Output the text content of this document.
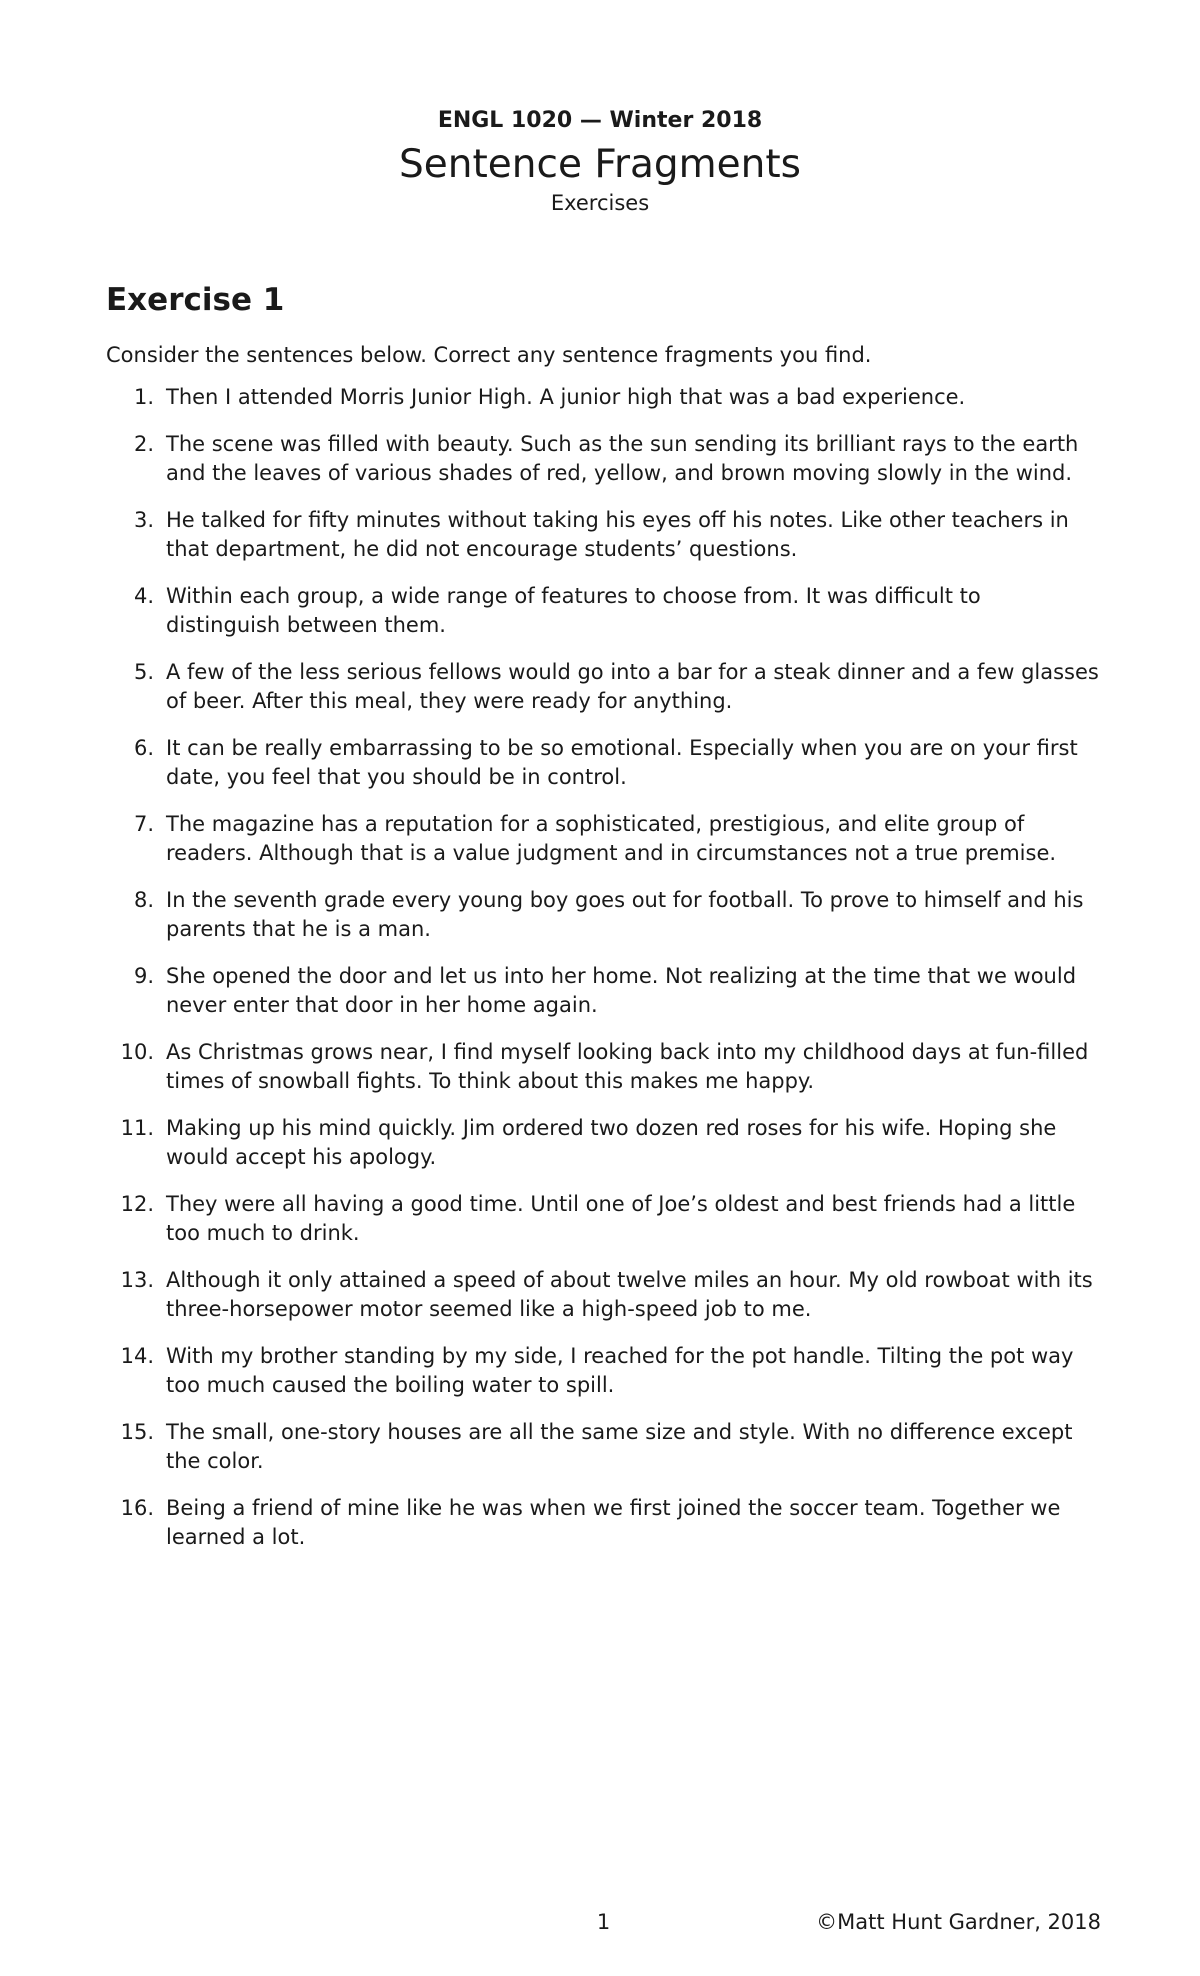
ENGL 1020 — Winter 2018
Sentence Fragments
Exercises
Exercise 1

Consider the sentences below. Correct any sentence fragments you find.

1. Then I attended Morris Junior High. A junior high that was a bad experience.
2. The scene was filled with beauty. Such as the sun sending its brilliant rays to the earth and the leaves of various shades of red, yellow, and brown moving slowly in the wind.
3. He talked for fifty minutes without taking his eyes off his notes. Like other teachers in that department, he did not encourage students’ questions.
4. Within each group, a wide range of features to choose from. It was difficult to distinguish between them.
5. A few of the less serious fellows would go into a bar for a steak dinner and a few glasses of beer. After this meal, they were ready for anything.
6. It can be really embarrassing to be so emotional. Especially when you are on your first date, you feel that you should be in control.
7. The magazine has a reputation for a sophisticated, prestigious, and elite group of readers. Although that is a value judgment and in circumstances not a true premise.
8. In the seventh grade every young boy goes out for football. To prove to himself and his parents that he is a man.
9. She opened the door and let us into her home. Not realizing at the time that we would never enter that door in her home again.
10. As Christmas grows near, I find myself looking back into my childhood days at fun-filled times of snowball fights. To think about this makes me happy.
11. Making up his mind quickly. Jim ordered two dozen red roses for his wife. Hoping she would accept his apology.
12. They were all having a good time. Until one of Joe’s oldest and best friends had a little too much to drink.
13. Although it only attained a speed of about twelve miles an hour. My old rowboat with its three-horsepower motor seemed like a high-speed job to me.
14. With my brother standing by my side, I reached for the pot handle. Tilting the pot way too much caused the boiling water to spill.
15. The small, one-story houses are all the same size and style. With no difference except the color.
16. Being a friend of mine like he was when we first joined the soccer team. Together we learned a lot.
1	©Matt Hunt Gardner, 2018
